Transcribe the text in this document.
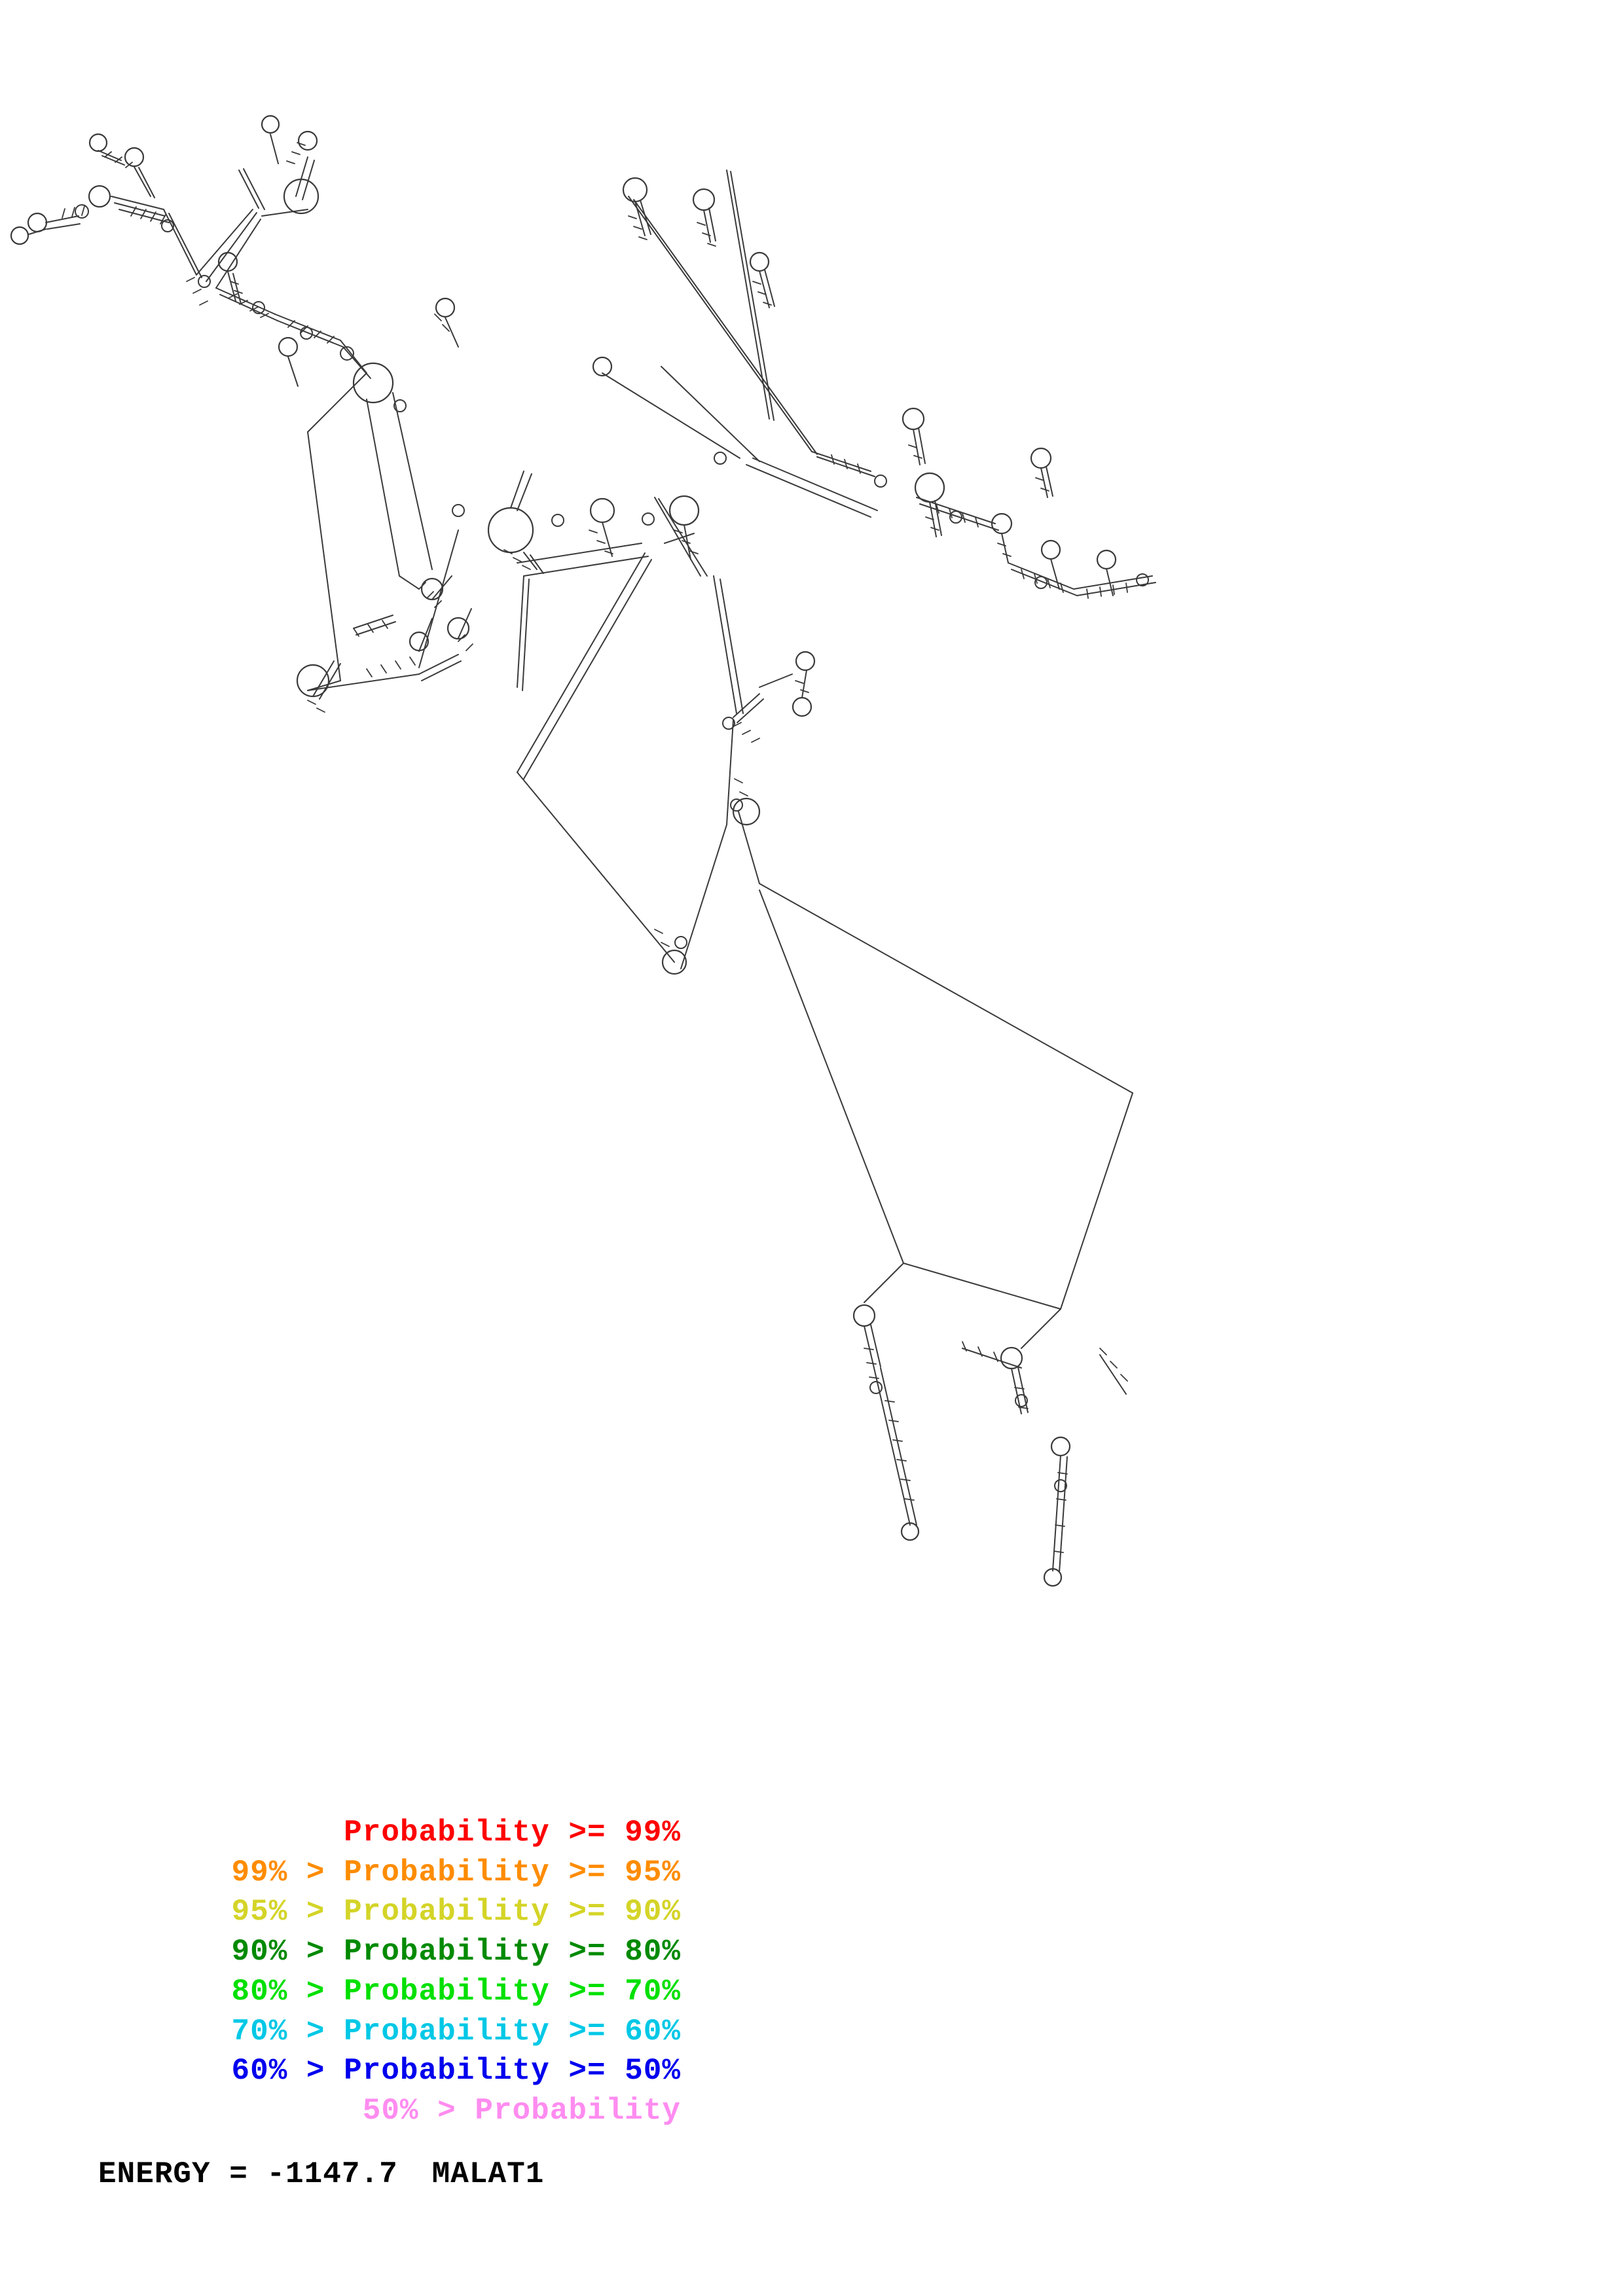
Probability >= 99%
99% > Probability >= 95%
95% > Probability >= 90%
90% > Probability >= 80%
80% > Probability >= 70%
70% > Probability >= 60%
60% > Probability >= 50%
50% > Probability
ENERGY = -1147.7 MALAT1
